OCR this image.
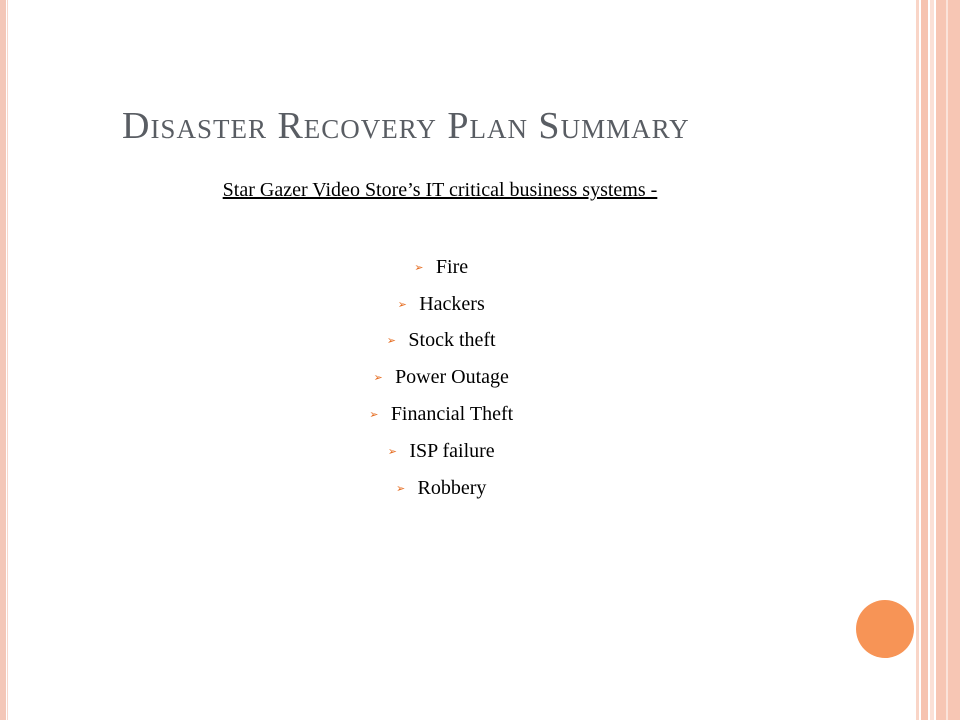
Disaster Recovery Plan Summary
Star Gazer Video Store’s IT critical business systems -
➢ Fire
➢ Hackers
➢ Stock theft
➢ Power Outage
➢ Financial Theft
➢ ISP failure
➢ Robbery
